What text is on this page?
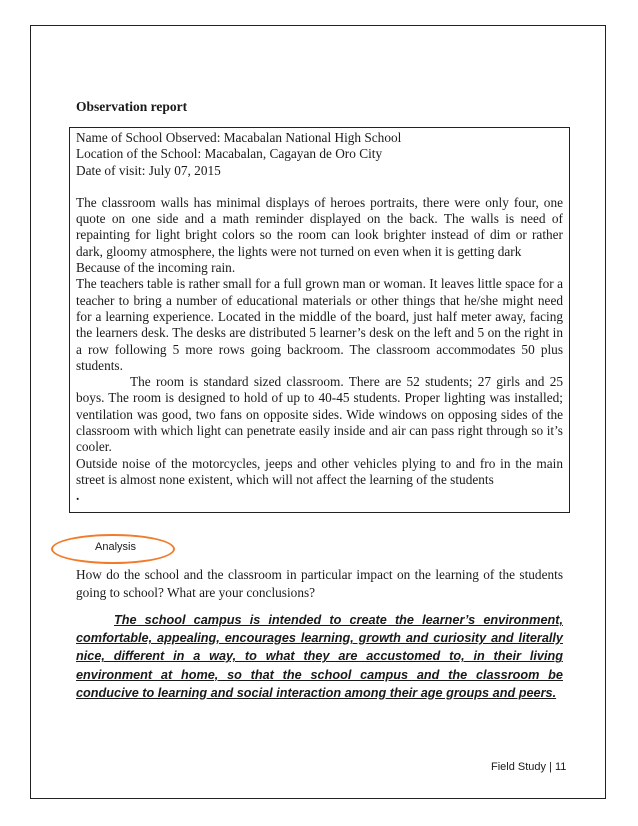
Observation report

Name of School Observed: Macabalan National High School

Location of the School: Macabalan, Cagayan de Oro City

Date of visit: July 07, 2015

The classroom walls has minimal displays of heroes portraits, there were only four, one quote on one side and a math reminder displayed on the back. The walls is need of repainting for light bright colors so the room can look brighter instead of dim or rather dark, gloomy atmosphere, the lights were not turned on even when it is getting dark

Because of the incoming rain.

The teachers table is rather small for a full grown man or woman. It leaves little space for a teacher to bring a number of educational materials or other things that he/she might need for a learning experience. Located in the middle of the board, just half meter away, facing the learners desk. The desks are distributed 5 learner’s desk on the left and 5 on the right in a row following 5 more rows going backroom. The classroom accommodates 50 plus students.

The room is standard sized classroom. There are 52 students; 27 girls and 25 boys. The room is designed to hold of up to 40-45 students. Proper lighting was installed; ventilation was good, two fans on opposite sides. Wide windows on opposing sides of the classroom with which light can penetrate easily inside and air can pass right through so it’s cooler.

Outside noise of the motorcycles, jeeps and other vehicles plying to and fro in the main street is almost none existent, which will not affect the learning of the students

.

Analysis
How do the school and the classroom in particular impact on the learning of the students going to school? What are your conclusions?
The school campus is intended to create the learner’s environment, comfortable, appealing, encourages learning, growth and curiosity and literally nice, different in a way, to what they are accustomed to, in their living environment at home, so that the school campus and the classroom be conducive to learning and social interaction among their age groups and peers.
Field Study | 11
